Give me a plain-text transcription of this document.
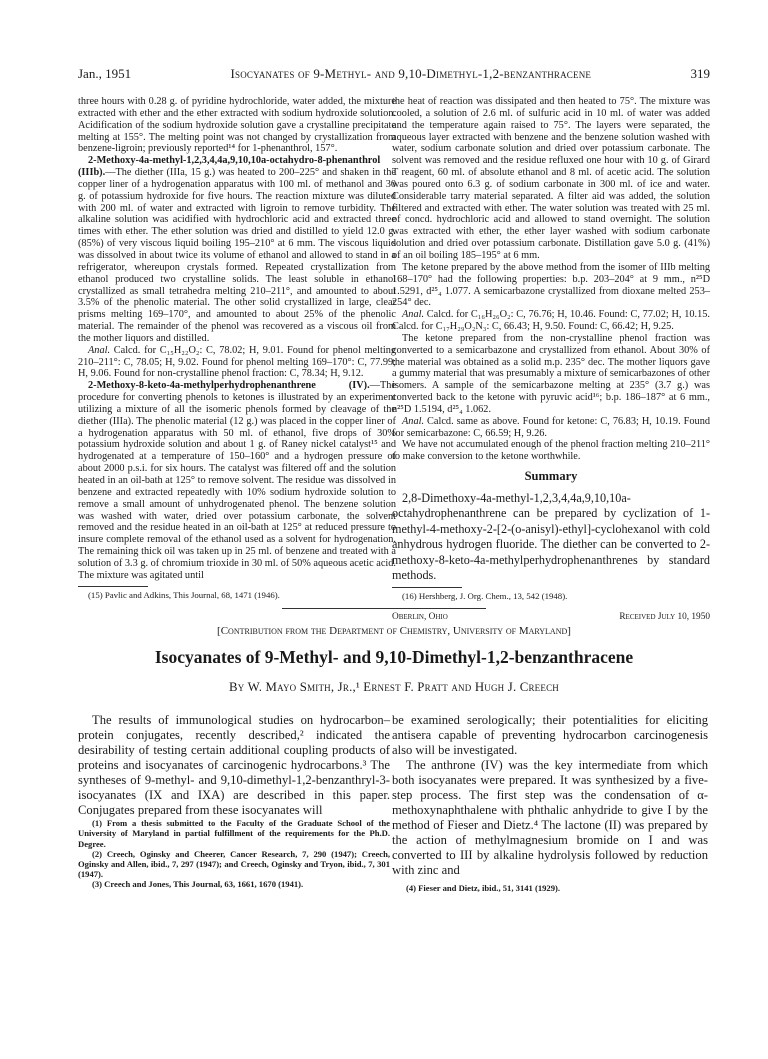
Jan., 1951	Isocyanates of 9-Methyl- and 9,10-Dimethyl-1,2-benzanthracene	319

three hours with 0.28 g. of pyridine hydrochloride, water added, the mixture extracted with ether and the ether extracted with sodium hydroxide solution. Acidification of the sodium hydroxide solution gave a crystalline precipitate melting at 155°. The melting point was not changed by crystallization from benzene-ligroin; previously reported¹⁴ for 1-phenanthrol, 157°.

2-Methoxy-4a-methyl-1,2,3,4,4a,9,10,10a-octahydro-8-phenanthrol (IIIb).—The diether (IIIa, 15 g.) was heated to 200–225° and shaken in the copper liner of a hydrogenation apparatus with 100 ml. of methanol and 30 g. of potassium hydroxide for five hours. The reaction mixture was diluted with 200 ml. of water and extracted with ligroin to remove turbidity. The alkaline solution was acidified with hydrochloric acid and extracted three times with ether. The ether solution was dried and distilled to yield 12.0 g. (85%) of very viscous liquid boiling 195–210° at 6 mm. The viscous liquid was dissolved in about twice its volume of ethanol and allowed to stand in a refrigerator, whereupon crystals formed. Repeated crystallization from ethanol produced two crystalline solids. The least soluble in ethanol crystallized as small tetrahedra melting 210–211°, and amounted to about 3.5% of the phenolic material. The other solid crystallized in large, clear prisms melting 169–170°, and amounted to about 25% of the phenolic material. The remainder of the phenol was recovered as a viscous oil from the mother liquors and distilled.

Anal. Calcd. for C₁₅H₂₂O₂: C, 78.02; H, 9.01. Found for phenol melting 210–211°: C, 78.05; H, 9.02. Found for phenol melting 169–170°: C, 77.99; H, 9.06. Found for non-crystalline phenol fraction: C, 78.34; H, 9.12.

2-Methoxy-8-keto-4a-methylperhydrophenanthrene (IV).—The procedure for converting phenols to ketones is illustrated by an experiment utilizing a mixture of all the isomeric phenols formed by cleavage of the diether (IIIa). The phenolic material (12 g.) was placed in the copper liner of a hydrogenation apparatus with 50 ml. of ethanol, five drops of 30% potassium hydroxide solution and about 1 g. of Raney nickel catalyst¹⁵ and hydrogenated at a temperature of 150–160° and a hydrogen pressure of about 2000 p.s.i. for six hours. The catalyst was filtered off and the solution heated in an oil-bath at 125° to remove solvent. The residue was dissolved in benzene and extracted repeatedly with 10% sodium hydroxide solution to remove a small amount of unhydrogenated phenol. The benzene solution was washed with water, dried over potassium carbonate, the solvent removed and the residue heated in an oil-bath at 125° at reduced pressure to insure complete removal of the ethanol used as a solvent for hydrogenation. The remaining thick oil was taken up in 25 ml. of benzene and treated with a solution of 3.3 g. of chromium trioxide in 30 ml. of 50% aqueous acetic acid. The mixture was agitated until

(15) Pavlic and Adkins, This Journal, 68, 1471 (1946).

the heat of reaction was dissipated and then heated to 75°. The mixture was cooled, a solution of 2.6 ml. of sulfuric acid in 10 ml. of water was added and the temperature again raised to 75°. The layers were separated, the aqueous layer extracted with benzene and the benzene solution washed with water, sodium carbonate solution and dried over potassium carbonate. The solvent was removed and the residue refluxed one hour with 10 g. of Girard T reagent, 60 ml. of absolute ethanol and 8 ml. of acetic acid. The solution was poured onto 6.3 g. of sodium carbonate in 300 ml. of ice and water. Considerable tarry material separated. A filter aid was added, the solution filtered and extracted with ether. The water solution was treated with 25 ml. of concd. hydrochloric acid and allowed to stand overnight. The solution was extracted with ether, the ether layer washed with sodium carbonate solution and dried over potassium carbonate. Distillation gave 5.0 g. (41%) of an oil boiling 185–195° at 6 mm.

The ketone prepared by the above method from the isomer of IIIb melting 168–170° had the following properties: b.p. 203–204° at 9 mm., n²⁵D 1.5291, d²⁵₄ 1.077. A semicarbazone crystallized from dioxane melted 253–254° dec.

Anal. Calcd. for C₁₆H₂₆O₂: C, 76.76; H, 10.46. Found: C, 77.02; H, 10.15. Calcd. for C₁₇H₂₉O₂N₃: C, 66.43; H, 9.50. Found: C, 66.42; H, 9.25.

The ketone prepared from the non-crystalline phenol fraction was converted to a semicarbazone and crystallized from ethanol. About 30% of the material was obtained as a solid m.p. 235° dec. The mother liquors gave a gummy material that was presumably a mixture of semicarbazones of other isomers. A sample of the semicarbazone melting at 235° (3.7 g.) was converted back to the ketone with pyruvic acid¹⁶; b.p. 186–187° at 6 mm., n²⁵D 1.5194, d²⁵₄ 1.062.

Anal. Calcd. same as above. Found for ketone: C, 76.83; H, 10.19. Found for semicarbazone: C, 66.59; H, 9.26.

We have not accumulated enough of the phenol fraction melting 210–211° to make conversion to the ketone worthwhile.

Summary

2,8-Dimethoxy-4a-methyl-1,2,3,4,4a,9,10,10a-octahydrophenanthrene can be prepared by cyclization of 1-methyl-4-methoxy-2-[2-(o-anisyl)-ethyl]-cyclohexanol with cold anhydrous hydrogen fluoride. The diether can be converted to 2-methoxy-8-keto-4a-methylperhydrophenanthrenes by standard methods.

(16) Hershberg, J. Org. Chem., 13, 542 (1948).

Oberlin, Ohio	Received July 10, 1950
[Contribution from the Department of Chemistry, University of Maryland]
Isocyanates of 9-Methyl- and 9,10-Dimethyl-1,2-benzanthracene
By W. Mayo Smith, Jr.,¹ Ernest F. Pratt and Hugh J. Creech

The results of immunological studies on hydrocarbon–protein conjugates, recently described,² indicated the desirability of testing certain additional coupling products of proteins and isocyanates of carcinogenic hydrocarbons.³ The syntheses of 9-methyl- and 9,10-dimethyl-1,2-benzanthryl-3-isocyanates (IX and IXA) are described in this paper. Conjugates prepared from these isocyanates will

(1) From a thesis submitted to the Faculty of the Graduate School of the University of Maryland in partial fulfillment of the requirements for the Ph.D. Degree.

(2) Creech, Oginsky and Cheerer, Cancer Research, 7, 290 (1947); Creech, Oginsky and Allen, ibid., 7, 297 (1947); and Creech, Oginsky and Tryon, ibid., 7, 301 (1947).

(3) Creech and Jones, This Journal, 63, 1661, 1670 (1941).

be examined serologically; their potentialities for eliciting antisera capable of preventing hydrocarbon carcinogenesis also will be investigated.

The anthrone (IV) was the key intermediate from which both isocyanates were prepared. It was synthesized by a five-step process. The first step was the condensation of α-methoxynaphthalene with phthalic anhydride to give I by the method of Fieser and Dietz.⁴ The lactone (II) was prepared by the action of methylmagnesium bromide on I and was converted to III by alkaline hydrolysis followed by reduction with zinc and

(4) Fieser and Dietz, ibid., 51, 3141 (1929).
